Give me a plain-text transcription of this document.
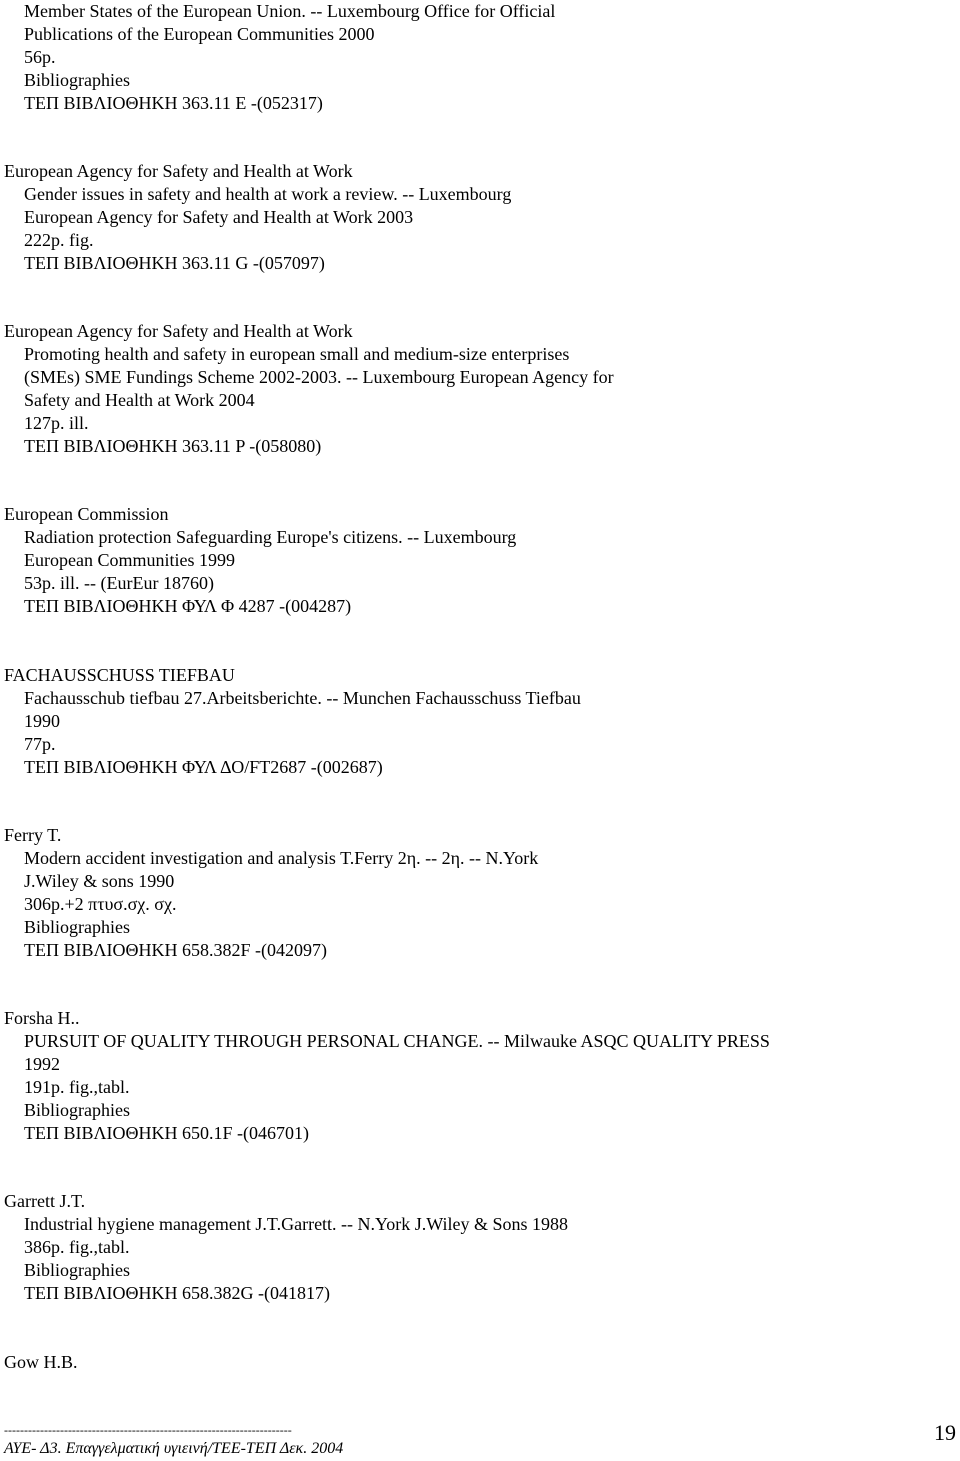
Member States of the European Union. -- Luxembourg Office for Official
Publications of the European Communities 2000
56p.
Bibliographies
ΤΕΠ ΒΙΒΛΙΟΘΗΚΗ 363.11 E -(052317)
European Agency for Safety and Health at Work
Gender issues in safety and health at work a review. -- Luxembourg
European Agency for Safety and Health at Work 2003
222p. fig.
ΤΕΠ ΒΙΒΛΙΟΘΗΚΗ 363.11 G -(057097)
European Agency for Safety and Health at Work
Promoting health and safety in european small and medium-size enterprises
(SMEs) SME Fundings Scheme 2002-2003. -- Luxembourg European Agency for
Safety and Health at Work 2004
127p. ill.
ΤΕΠ ΒΙΒΛΙΟΘΗΚΗ 363.11 P -(058080)
European Commission
Radiation protection Safeguarding Europe's citizens. -- Luxembourg
European Communities 1999
53p. ill. -- (EurEur 18760)
ΤΕΠ ΒΙΒΛΙΟΘΗΚΗ ΦΥΛ Φ 4287 -(004287)
FACHAUSSCHUSS TIEFBAU
Fachausschub tiefbau 27.Arbeitsberichte. -- Munchen Fachausschuss Tiefbau
1990
77p.
ΤΕΠ ΒΙΒΛΙΟΘΗΚΗ ΦΥΛ ΔΟ/FT2687 -(002687)
Ferry T.
Modern accident investigation and analysis T.Ferry 2η. -- 2η. -- N.York
J.Wiley & sons 1990
306p.+2 πτυσ.σχ. σχ.
Bibliographies
ΤΕΠ ΒΙΒΛΙΟΘΗΚΗ 658.382F -(042097)
Forsha H..
PURSUIT OF QUALITY THROUGH PERSONAL CHANGE. -- Milwauke ASQC QUALITY PRESS
1992
191p. fig.,tabl.
Bibliographies
ΤΕΠ ΒΙΒΛΙΟΘΗΚΗ 650.1F -(046701)
Garrett J.T.
Industrial hygiene management J.T.Garrett. -- N.York J.Wiley & Sons 1988
386p. fig.,tabl.
Bibliographies
ΤΕΠ ΒΙΒΛΙΟΘΗΚΗ 658.382G -(041817)
Gow H.B.
------------------------------------------------------------------------
ΑΥΕ- Δ3. Επαγγελματική υγιεινή/ΤΕΕ-ΤΕΠ Δεκ. 2004
19
